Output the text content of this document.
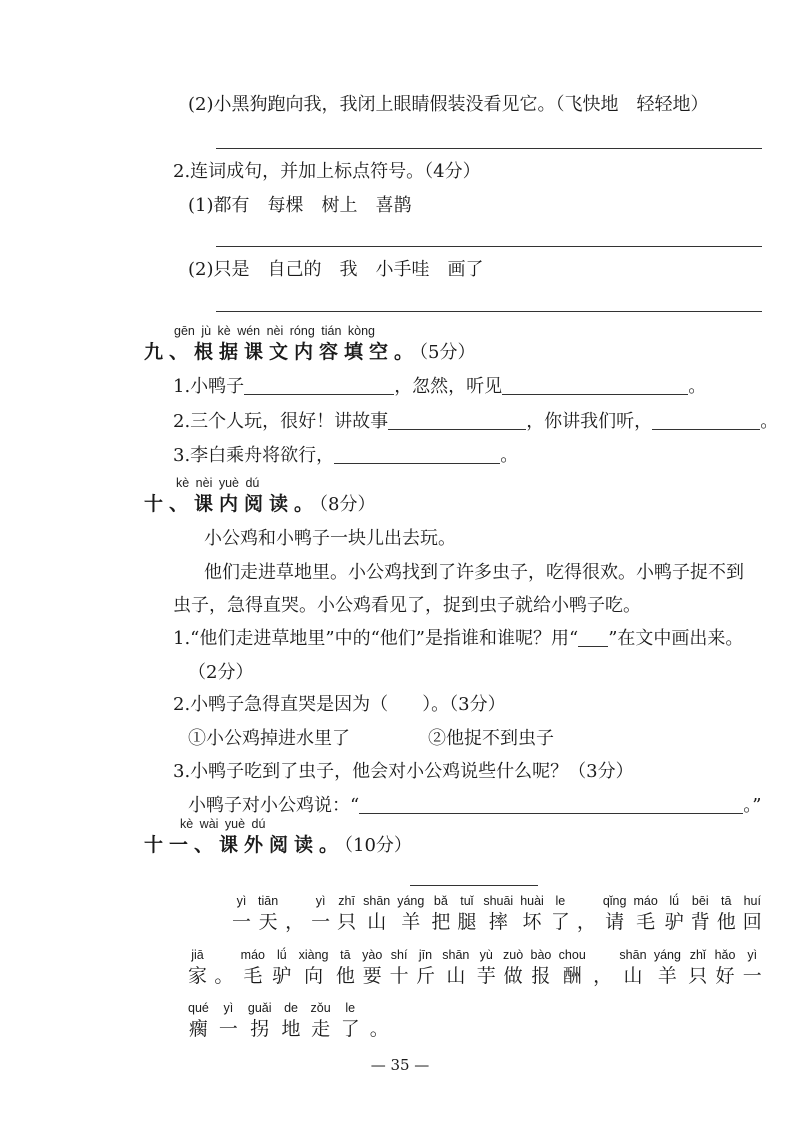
(2)小黑狗跑向我，我闭上眼睛假装没看见它。（飞快地　轻轻地）
2.连词成句，并加上标点符号。（4分）
(1)都有　每棵　树上　喜鹊
(2)只是　自己的　我　小手哇　画了
gēn jù kè wén nèi róng tián kòng
九、根据课文内容填空。（5分）
1.小鸭子	，忽然，听见	。
2.三个人玩，很好！讲故事	，你讲我们听，	。
3.李白乘舟将欲行，	。
kè nèi yuè dú
十、课内阅读。（8分）
小公鸡和小鸭子一块儿出去玩。
他们走进草地里。小公鸡找到了许多虫子，吃得很欢。小鸭子捉不到
虫子，急得直哭。小公鸡看见了，捉到虫子就给小鸭子吃。
1.“他们走进草地里”中的“他们”是指谁和谁呢？用“ ”在文中画出来。
（2分）
2.小鸭子急得直哭是因为（ ）。（3分）
①小公鸡掉进水里了	②他捉不到虫子
3.小鸭子吃到了虫子，他会对小公鸡说些什么呢？（3分）
小鸭子对小公鸡说：“	。”
kè wài yuè dú
十一、课外阅读。（10分）
yì
一
tiān
天
，
yì
一
zhī
只
shān
山
yáng
羊
bǎ
把
tuǐ
腿
shuāi
摔
huài
坏
le
了
，
qǐng
请
máo
毛
lǘ
驴
bēi
背
tā
他
huí
回
jiā
家
。
máo
毛
lǘ
驴
xiàng
向
tā
他
yào
要
shí
十
jīn
斤
shān
山
yù
芋
zuò
做
bào
报
chou
酬
，
shān
山
yáng
羊
zhǐ
只
hǎo
好
yì
一
qué
瘸
yì
一
guǎi
拐
de
地
zǒu
走
le
了
。
— 35 —
